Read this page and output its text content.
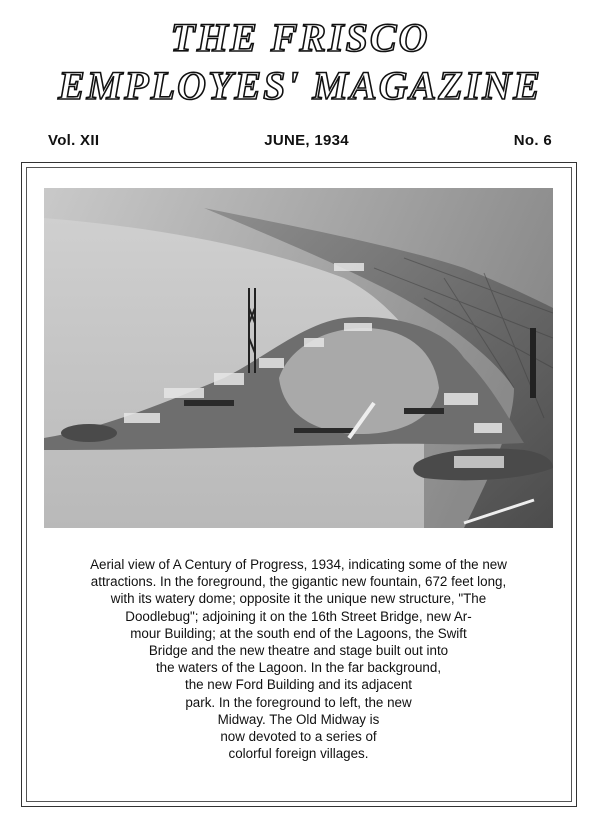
THE FRISCO
EMPLOYES' MAGAZINE
Vol. XII	JUNE, 1934	No. 6
Aerial view of A Century of Progress, 1934, indicating some of the new
attractions. In the foreground, the gigantic new fountain, 672 feet long,
with its watery dome; opposite it the unique new structure, "The
Doodlebug"; adjoining it on the 16th Street Bridge, new Ar-
mour Building; at the south end of the Lagoons, the Swift
Bridge and the new theatre and stage built out into
the waters of the Lagoon. In the far background,
the new Ford Building and its adjacent
park. In the foreground to left, the new
Midway. The Old Midway is
now devoted to a series of
colorful foreign villages.
